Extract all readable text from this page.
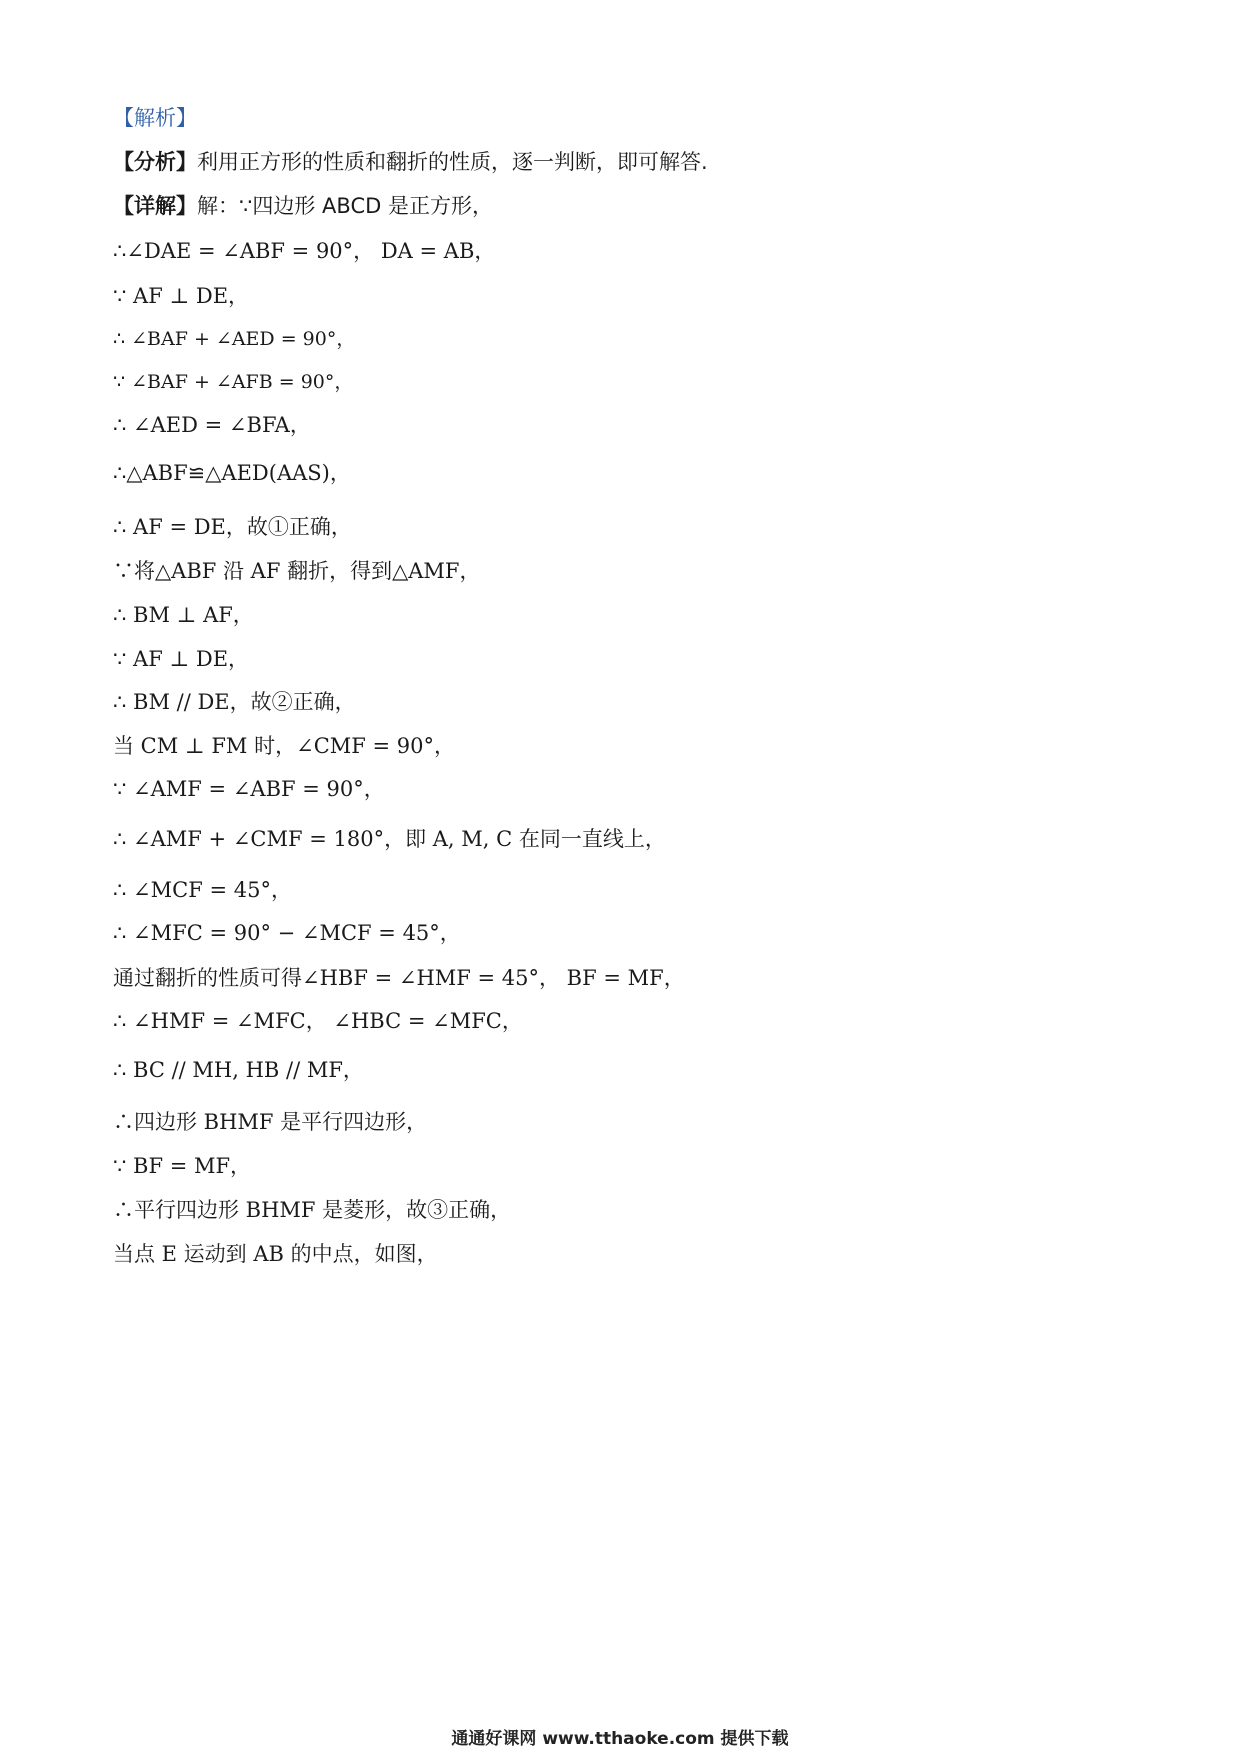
【解析】
【分析】利用正方形的性质和翻折的性质，逐一判断，即可解答.
【详解】解：∵四边形 ABCD 是正方形，
∴∠DAE = ∠ABF = 90°， DA = AB，
∵ AF ⊥ DE，
∴ ∠BAF + ∠AED = 90°，
∵ ∠BAF + ∠AFB = 90°，
∴ ∠AED = ∠BFA，
∴△ABF≌△AED(AAS)，
∴ AF = DE，故①正确，
∵将△ABF 沿 AF 翻折，得到△AMF，
∴ BM ⊥ AF，
∵ AF ⊥ DE，
∴ BM // DE，故②正确，
当 CM ⊥ FM 时，∠CMF = 90°，
∵ ∠AMF = ∠ABF = 90°，
∴ ∠AMF + ∠CMF = 180°，即 A, M, C 在同一直线上，
∴ ∠MCF = 45°，
∴ ∠MFC = 90° − ∠MCF = 45°，
通过翻折的性质可得∠HBF = ∠HMF = 45°， BF = MF，
∴ ∠HMF = ∠MFC， ∠HBC = ∠MFC，
∴ BC // MH, HB // MF，
∴四边形 BHMF 是平行四边形，
∵ BF = MF，
∴平行四边形 BHMF 是菱形，故③正确，
当点 E 运动到 AB 的中点，如图，
通通好课网 www.tthaoke.com 提供下载
